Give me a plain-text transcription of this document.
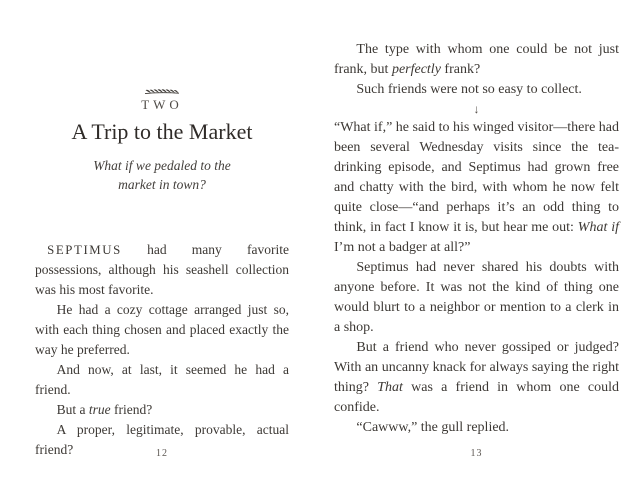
TWO
A Trip to the Market
What if we pedaled to the
market in town?

SEPTIMUS had many favorite possessions, although his seashell collection was his most favorite.

He had a cozy cottage arranged just so, with each thing chosen and placed exactly the way he preferred.

And now, at last, it seemed he had a friend.

But a true friend?

A proper, legitimate, provable, actual friend?	12

The type with whom one could be not just frank, but perfectly frank?

Such friends were not so easy to collect.

↓

“What if,” he said to his winged visitor—there had been several Wednesday visits since the tea-drinking episode, and Septimus had grown free and chatty with the bird, with whom he now felt quite close—“and perhaps it’s an odd thing to think, in fact I know it is, but hear me out: What if I’m not a badger at all?”

Septimus had never shared his doubts with anyone before. It was not the kind of thing one would blurt to a neighbor or mention to a clerk in a shop.

But a friend who never gossiped or judged? With an uncanny knack for always saying the right thing? That was a friend in whom one could confide.

“Cawww,” the gull replied.

13
